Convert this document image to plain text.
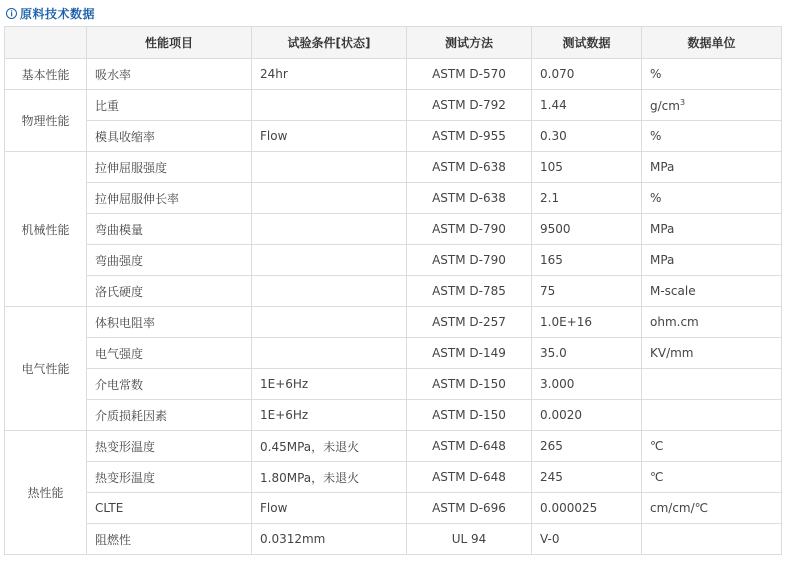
原料技术数据
	性能项目	试验条件[状态]	测试方法	测试数据	数据单位
基本性能	吸水率	24hr	ASTM D-570	0.070	%
物理性能	比重		ASTM D-792	1.44	$g/cm^3$
	模具收缩率	Flow	ASTM D-955	0.30	%
机械性能	拉伸屈服强度		ASTM D-638	105	MPa
	拉伸屈服伸长率		ASTM D-638	2.1	%
	弯曲模量		ASTM D-790	9500	MPa
	弯曲强度		ASTM D-790	165	MPa
	洛氏硬度		ASTM D-785	75	M-scale
电气性能	体积电阻率		ASTM D-257	1.0E+16	ohm.cm
	电气强度		ASTM D-149	35.0	KV/mm
	介电常数	1E+6Hz	ASTM D-150	3.000	
	介质损耗因素	1E+6Hz	ASTM D-150	0.0020	
热性能	热变形温度	0.45MPa，未退火	ASTM D-648	265	℃
	热变形温度	1.80MPa，未退火	ASTM D-648	245	℃
	CLTE	Flow	ASTM D-696	0.000025	cm/cm/℃
	阻燃性	0.0312mm	UL 94	V-0	
